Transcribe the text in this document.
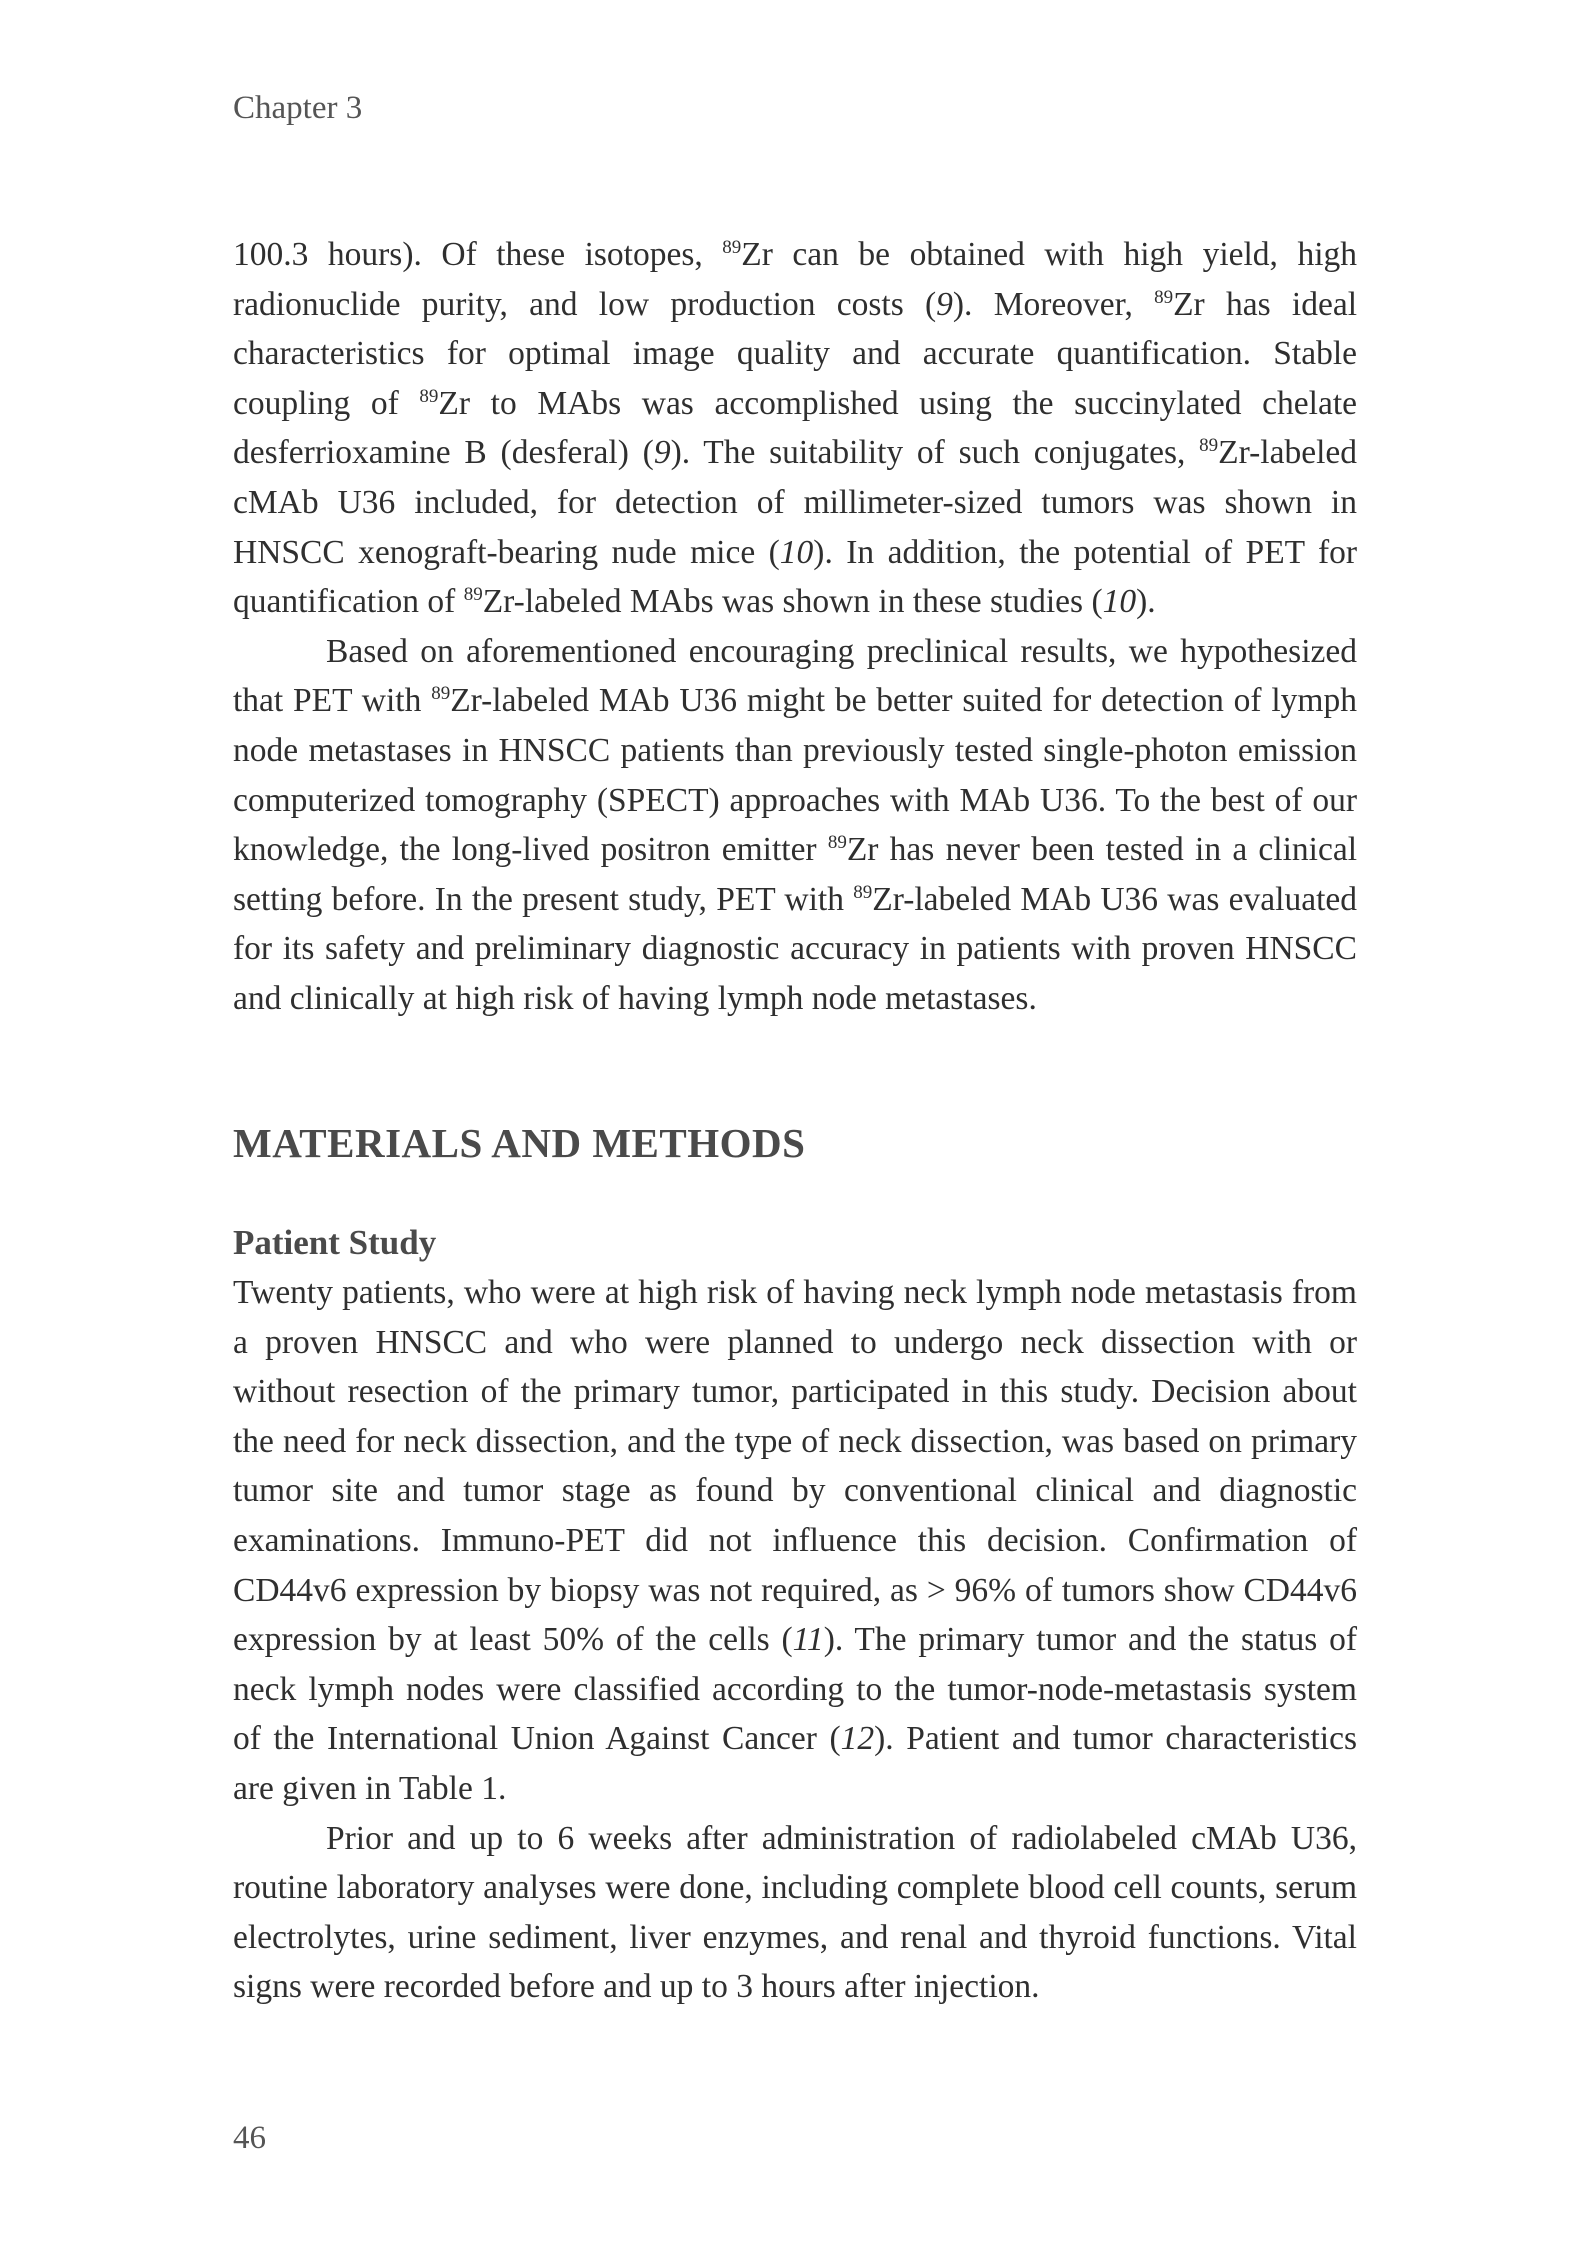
Chapter 3

100.3 hours). Of these isotopes, $^{89}$Zr can be obtained with high yield, high radionuclide purity, and low production costs (9). Moreover, $^{89}$Zr has ideal characteristics for optimal image quality and accurate quantification. Stable coupling of $^{89}$Zr to MAbs was accomplished using the succinylated chelate desferrioxamine B (desferal) (9). The suitability of such conjugates, $^{89}$Zr-labeled cMAb U36 included, for detection of millimeter-sized tumors was shown in HNSCC xenograft-bearing nude mice (10). In addition, the potential of PET for quantification of $^{89}$Zr-labeled MAbs was shown in these studies (10).

Based on aforementioned encouraging preclinical results, we hypothesized that PET with $^{89}$Zr-labeled MAb U36 might be better suited for detection of lymph node metastases in HNSCC patients than previously tested single-photon emission computerized tomography (SPECT) approaches with MAb U36. To the best of our knowledge, the long-lived positron emitter $^{89}$Zr has never been tested in a clinical setting before. In the present study, PET with $^{89}$Zr-labeled MAb U36 was evaluated for its safety and preliminary diagnostic accuracy in patients with proven HNSCC and clinically at high risk of having lymph node metastases.

MATERIALS AND METHODS
Patient Study

Twenty patients, who were at high risk of having neck lymph node metastasis from a proven HNSCC and who were planned to undergo neck dissection with or without resection of the primary tumor, participated in this study. Decision about the need for neck dissection, and the type of neck dissection, was based on primary tumor site and tumor stage as found by conventional clinical and diagnostic examinations. Immuno-PET did not influence this decision. Confirmation of CD44v6 expression by biopsy was not required, as > 96% of tumors show CD44v6 expression by at least 50% of the cells (11). The primary tumor and the status of neck lymph nodes were classified according to the tumor-node-metastasis system of the International Union Against Cancer (12). Patient and tumor characteristics are given in Table 1.

Prior and up to 6 weeks after administration of radiolabeled cMAb U36, routine laboratory analyses were done, including complete blood cell counts, serum electrolytes, urine sediment, liver enzymes, and renal and thyroid functions. Vital signs were recorded before and up to 3 hours after injection.

46
